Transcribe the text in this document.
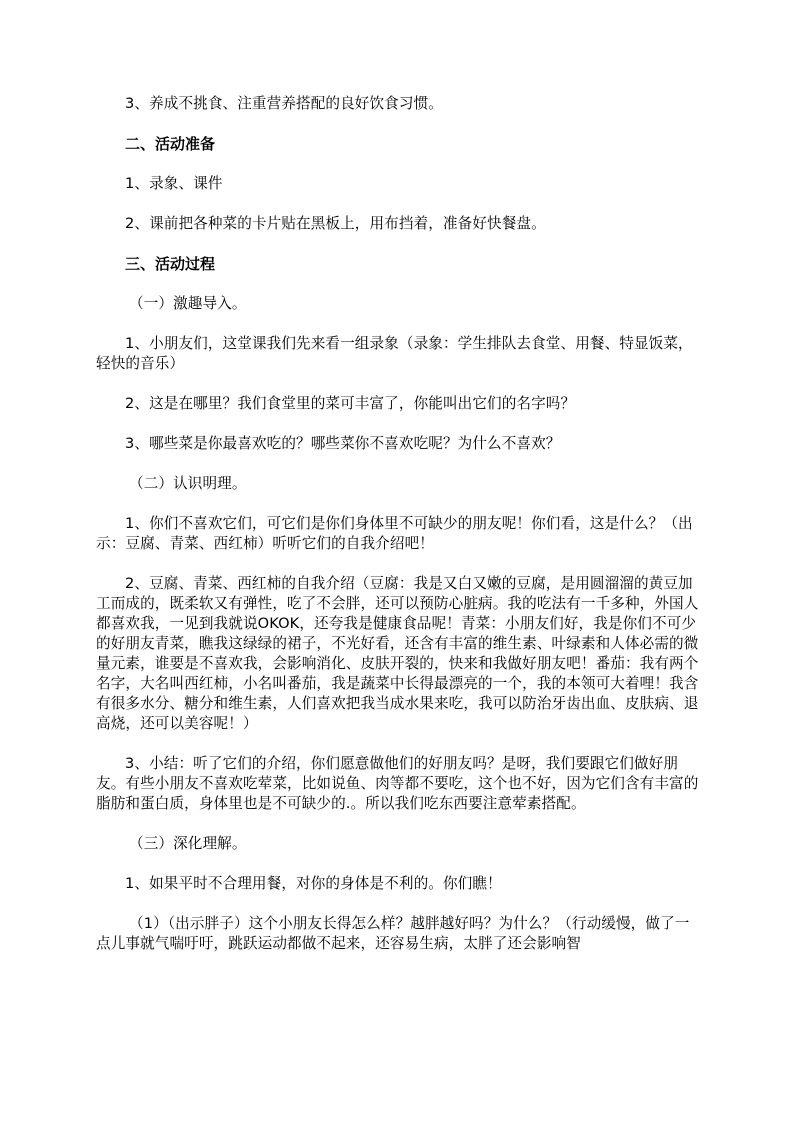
3、养成不挑食、注重营养搭配的良好饮食习惯。

二、活动准备

1、录象、课件

2、课前把各种菜的卡片贴在黑板上，用布挡着，准备好快餐盘。

三、活动过程

（一）激趣导入。

1、小朋友们，这堂课我们先来看一组录象（录象：学生排队去食堂、用餐、特显饭菜，轻快的音乐）

2、这是在哪里？我们食堂里的菜可丰富了，你能叫出它们的名字吗？

3、哪些菜是你最喜欢吃的？哪些菜你不喜欢吃呢？为什么不喜欢？

（二）认识明理。

1、你们不喜欢它们，可它们是你们身体里不可缺少的朋友呢！你们看，这是什么？（出示：豆腐、青菜、西红柿）听听它们的自我介绍吧！

2、豆腐、青菜、西红柿的自我介绍（豆腐：我是又白又嫩的豆腐，是用圆溜溜的黄豆加工而成的，既柔软又有弹性，吃了不会胖，还可以预防心脏病。我的吃法有一千多种，外国人都喜欢我，一见到我就说OKOK，还夸我是健康食品呢！青菜：小朋友们好，我是你们不可少的好朋友青菜，瞧我这绿绿的裙子，不光好看，还含有丰富的维生素、叶绿素和人体必需的微量元素，谁要是不喜欢我，会影响消化、皮肤开裂的，快来和我做好朋友吧！番茄：我有两个名字，大名叫西红柿，小名叫番茄，我是蔬菜中长得最漂亮的一个，我的本领可大着哩！我含有很多水分、糖分和维生素，人们喜欢把我当成水果来吃，我可以防治牙齿出血、皮肤病、退高烧，还可以美容呢！）

3、小结：听了它们的介绍，你们愿意做他们的好朋友吗？是呀，我们要跟它们做好朋友。有些小朋友不喜欢吃荤菜，比如说鱼、肉等都不要吃，这个也不好，因为它们含有丰富的脂肪和蛋白质，身体里也是不可缺少的.。所以我们吃东西要注意荤素搭配。

（三）深化理解。

1、如果平时不合理用餐，对你的身体是不利的。你们瞧！

（1）（出示胖子）这个小朋友长得怎么样？越胖越好吗？为什么？（行动缓慢，做了一点儿事就气喘吁吁，跳跃运动都做不起来，还容易生病，太胖了还会影响智
